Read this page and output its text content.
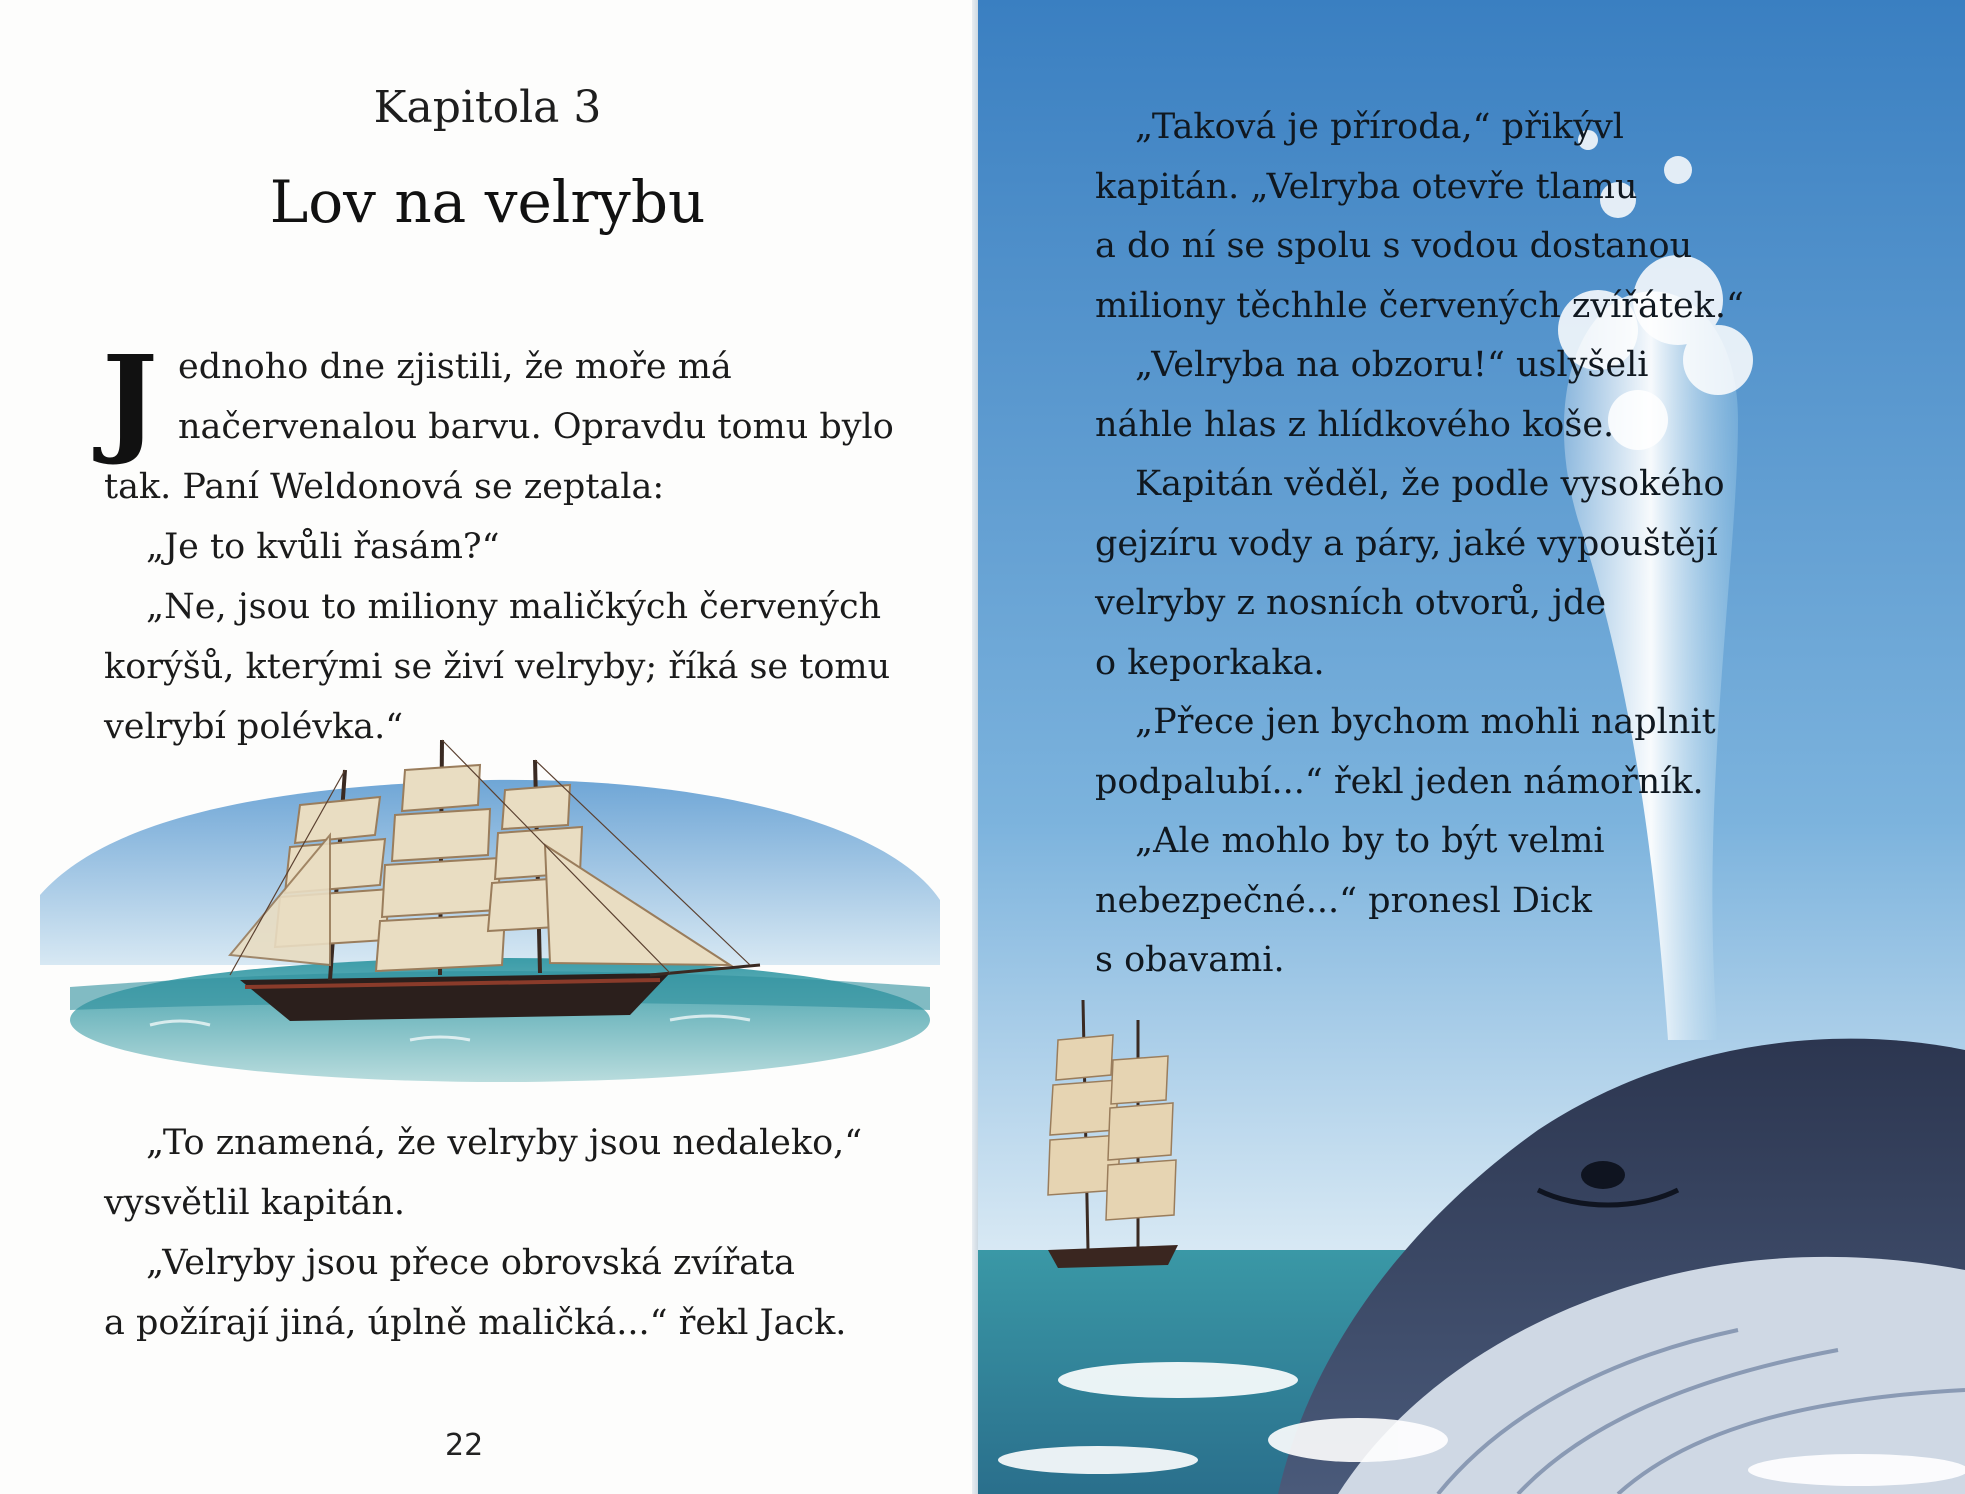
Kapitola 3
Lov na velrybu
J ednoho dne zjistili, že moře má
načervenalou barvu. Opravdu tomu bylo
tak. Paní Weldonová se zeptala:
„Je to kvůli řasám?“
„Ne, jsou to miliony maličkých červených
korýšů, kterými se živí velryby; říká se tomu
velrybí polévka.“
„To znamená, že velryby jsou nedaleko,“
vysvětlil kapitán.
„Velryby jsou přece obrovská zvířata
a požírají jiná, úplně maličká...“ řekl Jack.
22
„Taková je příroda,“ přikývl
kapitán. „Velryba otevře tlamu
a do ní se spolu s vodou dostanou
miliony těchhle červených zvířátek.“
„Velryba na obzoru!“ uslyšeli
náhle hlas z hlídkového koše.
Kapitán věděl, že podle vysokého
gejzíru vody a páry, jaké vypouštějí
velryby z nosních otvorů, jde
o keporkaka.
„Přece jen bychom mohli naplnit
podpalubí...“ řekl jeden námořník.
„Ale mohlo by to být velmi
nebezpečné...“ pronesl Dick
s obavami.
